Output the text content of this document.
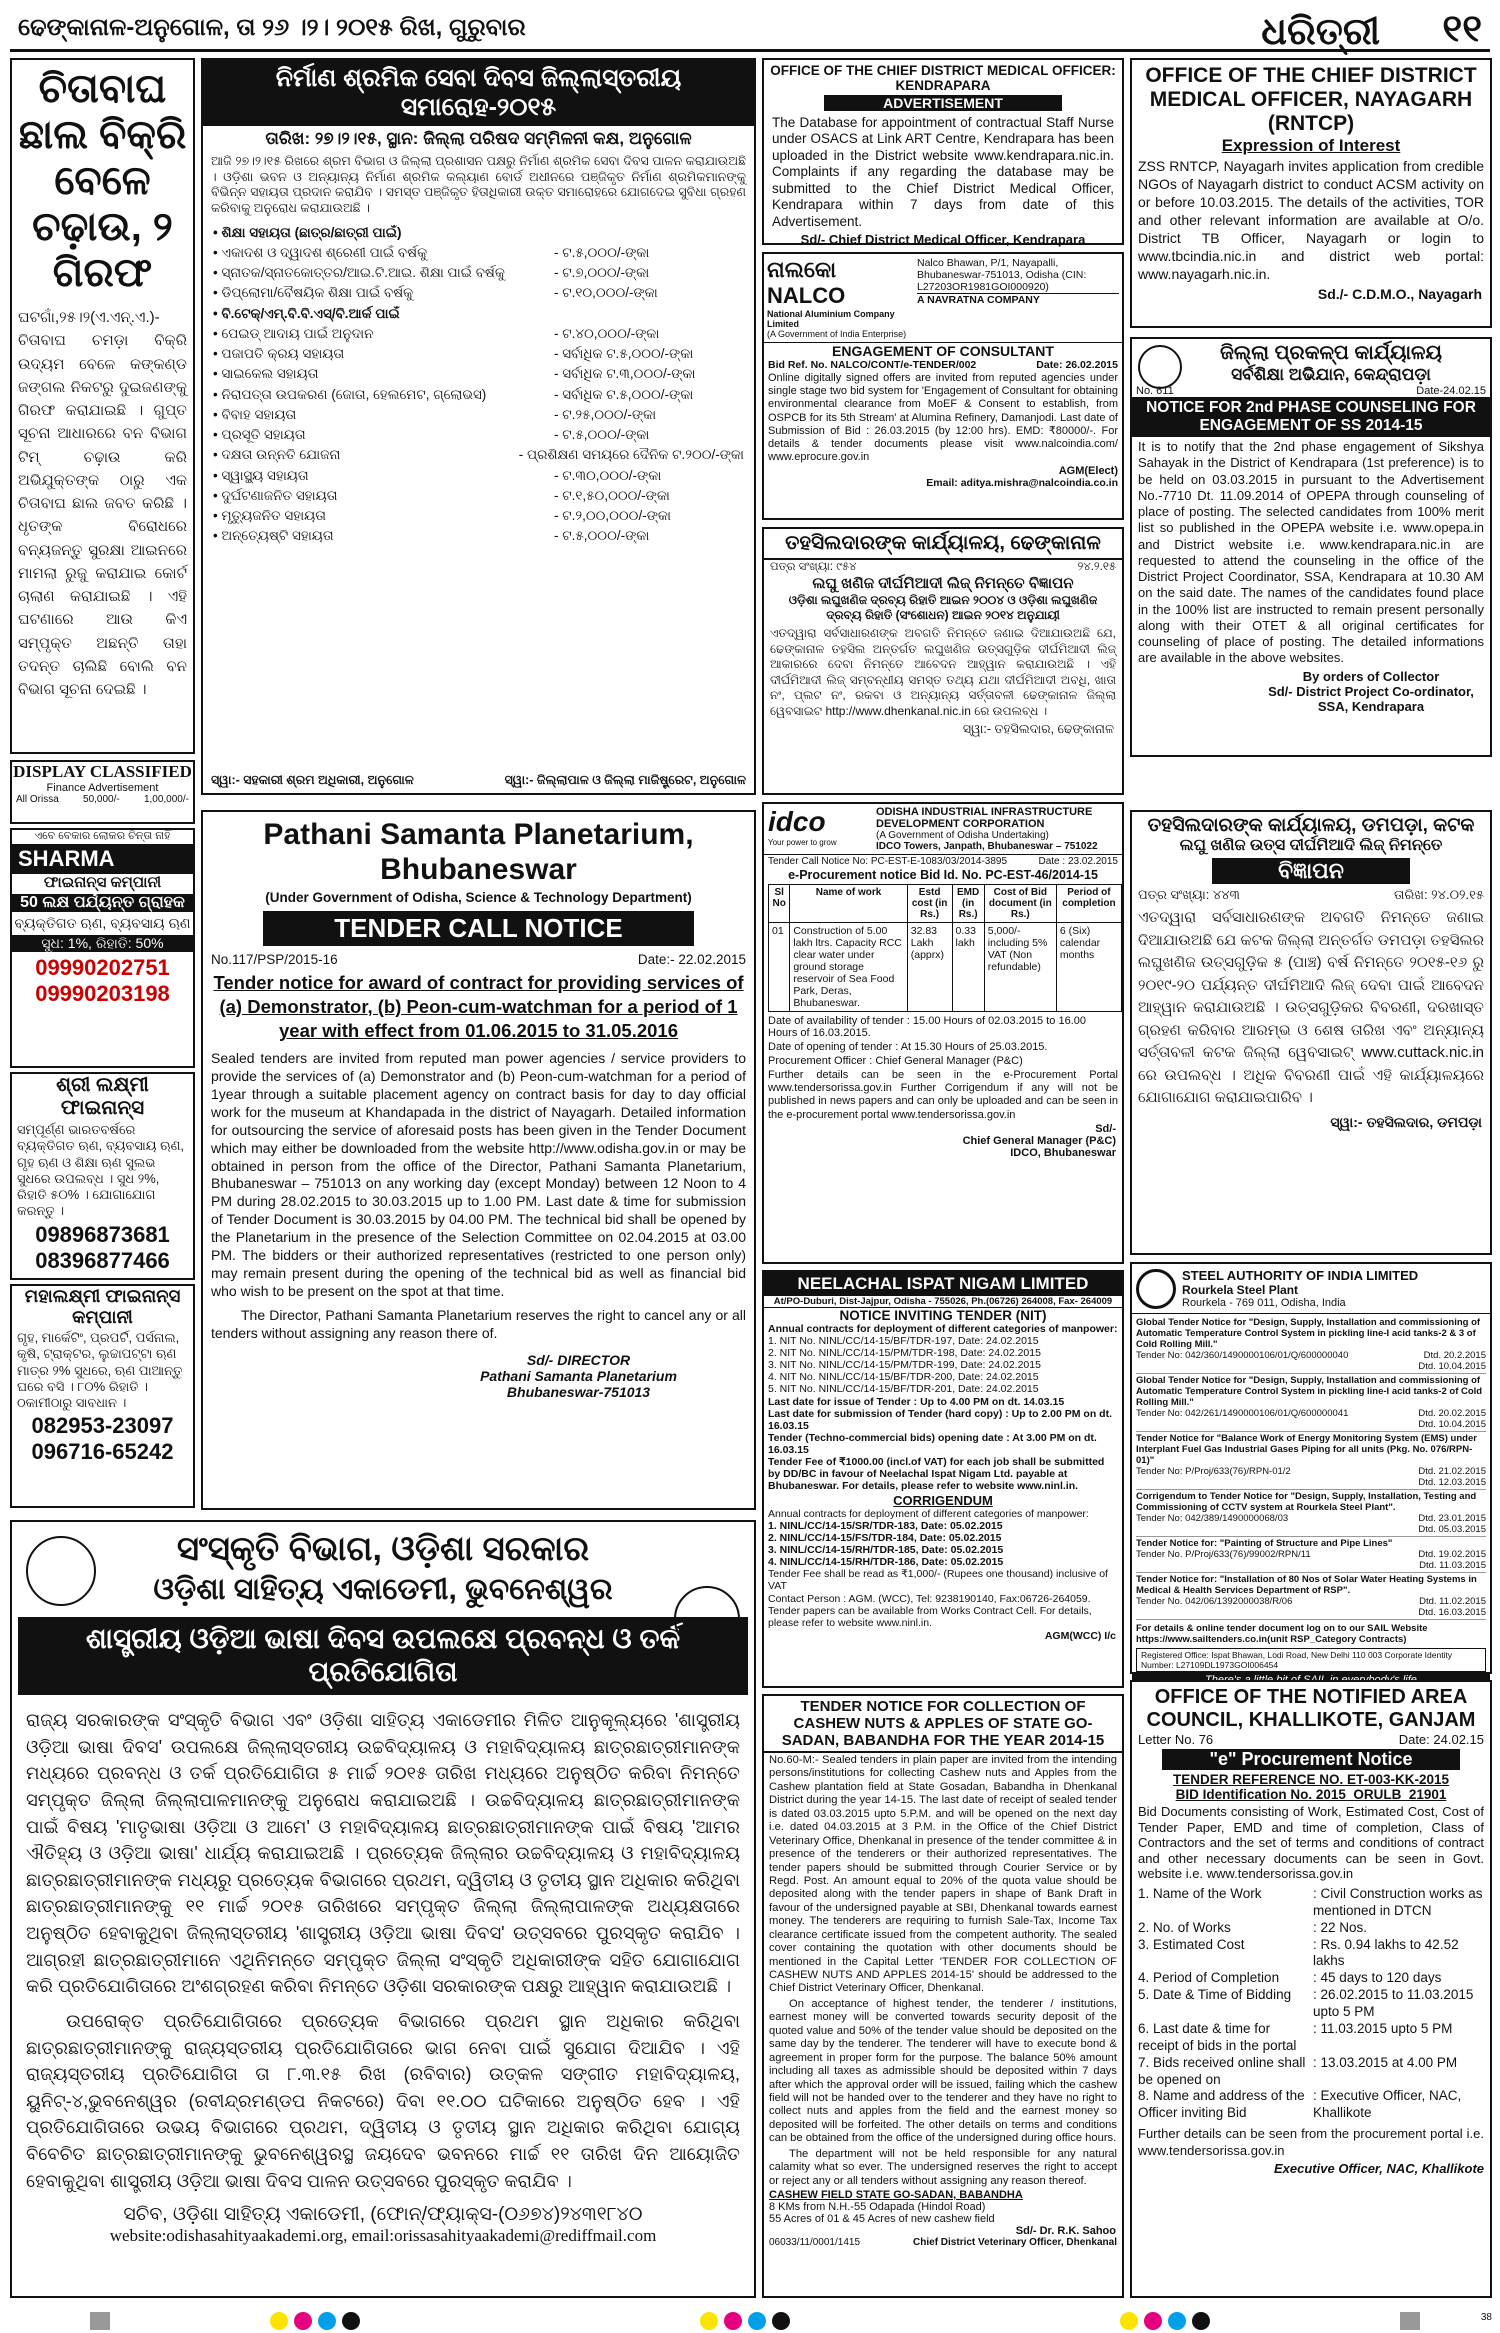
ଢେଙ୍କାନାଳ-ଅନୁଗୋଳ, ତା ୨୬ ।୨। ୨୦୧୫ ରିଖ, ଗୁରୁବାର	ଧରିତ୍ରୀ ୧୧
ଚିତାବାଘ ଛାଲ ବିକ୍ରି ବେଳେ ଚଢ଼ାଉ, ୨ ଗିରଫ
ଘଟଗାଁ,୨୫।୨(ଏ.ଏନ୍.ଏ.)- ଚିତାବାଘ ଚମଡ଼ା ବିକ୍ରି ଉଦ୍ୟମ ବେଳେ କଙ୍କଣ୍ଡ ଜଙ୍ଗଲ ନିକଟରୁ ଦୁଇଜଣଙ୍କୁ ଗିରଫ କରାଯାଇଛି । ଗୁପ୍ତ ସୂଚନା ଆଧାରରେ ବନ ବିଭାଗ ଟିମ୍ ଚଢ଼ାଉ କରି ଅଭିଯୁକ୍ତଙ୍କ ଠାରୁ ଏକ ଚିତାବାଘ ଛାଲ ଜବତ କରିଛି । ଧୃତଙ୍କ ବିରୋଧରେ ବନ୍ୟଜନ୍ତୁ ସୁରକ୍ଷା ଆଇନରେ ମାମଲା ରୁଜୁ କରାଯାଇ କୋର୍ଟ ଚାଲାଣ କରାଯାଇଛି । ଏହି ଘଟଣାରେ ଆଉ କିଏ ସମ୍ପୃକ୍ତ ଅଛନ୍ତି ତାହା ତଦନ୍ତ ଚାଲିଛି ବୋଲି ବନ ବିଭାଗ ସୂଚନା ଦେଇଛି ।
DISPLAY CLASSIFIED
Finance Advertisement
All Orissa 50,000/- 1,00,000/-
ଏବେ ବେକାର ଲୋକର ଚିନ୍ତା ନାହିଁ
SHARMA
ଫାଇନାନ୍ସ କମ୍ପାନୀ
50 ଲକ୍ଷ ପର୍ଯ୍ୟନ୍ତ ଗ୍ରାହକ
ବ୍ୟକ୍ତିଗତ ଋଣ, ବ୍ୟବସାୟ ଋଣ
ସୁଧ: 1%, ରିହାତି: 50%
09990202751
09990203198
ଶ୍ରୀ ଲକ୍ଷ୍ମୀ ଫାଇନାନ୍ସ
ସମ୍ପୂର୍ଣ୍ଣ ଭାରତବର୍ଷରେ ବ୍ୟକ୍ତିଗତ ଋଣ, ବ୍ୟବସାୟ ଋଣ, ଗୃହ ଋଣ ଓ ଶିକ୍ଷା ଋଣ ସୁଲଭ ସୁଧରେ ଉପଲବ୍ଧ । ସୁଧ ୨%, ରିହାତି ୫୦% । ଯୋଗାଯୋଗ କରନ୍ତୁ ।
09896873681
08396877466
ମହାଲକ୍ଷ୍ମୀ ଫାଇନାନ୍ସ କମ୍ପାନୀ
ଗୃହ, ମାର୍କେଟିଂ, ପ୍ରପର୍ଟି, ପର୍ସନାଲ, କୃଷି, ଟ୍ରାକ୍ଟର, ଲୁଚ୍ଚାପଟ୍ଟା ଋଣ ମାତ୍ର ୨% ସୁଧରେ, ଋଣ ପାଆନ୍ତୁ ଘରେ ବସି । ୮୦% ରିହାତି । ଠକାମୀଠାରୁ ସାବଧାନ ।
082953-23097
096716-65242
ନିର୍ମାଣ ଶ୍ରମିକ ସେବା ଦିବସ ଜିଲ୍ଲାସ୍ତରୀୟ ସମାରୋହ-୨୦୧୫
ତାରିଖ: ୨୭।୨।୧୫, ସ୍ଥାନ: ଜିଲ୍ଲା ପରିଷଦ ସମ୍ମିଳନୀ କକ୍ଷ, ଅନୁଗୋଳ
ଆଜି ୨୭।୨।୧୫ ରିଖରେ ଶ୍ରମ ବିଭାଗ ଓ ଜିଲ୍ଲା ପ୍ରଶାସନ ପକ୍ଷରୁ ନିର୍ମାଣ ଶ୍ରମିକ ସେବା ଦିବସ ପାଳନ କରାଯାଉଅଛି । ଓଡ଼ିଶା ଭବନ ଓ ଅନ୍ୟାନ୍ୟ ନିର୍ମାଣ ଶ୍ରମିକ କଲ୍ୟାଣ ବୋର୍ଡ ଅଧୀନରେ ପଞ୍ଜିକୃତ ନିର୍ମାଣ ଶ୍ରମିକମାନଙ୍କୁ ବିଭିନ୍ନ ସହାୟତା ପ୍ରଦାନ କରାଯିବ । ସମସ୍ତ ପଞ୍ଜିକୃତ ହିତାଧିକାରୀ ଉକ୍ତ ସମାରୋହରେ ଯୋଗଦେଇ ସୁବିଧା ଗ୍ରହଣ କରିବାକୁ ଅନୁରୋଧ କରାଯାଉଅଛି ।
• ଶିକ୍ଷା ସହାୟତା (ଛାତ୍ର/ଛାତ୍ରୀ ପାଇଁ)
• ଏକାଦଶ ଓ ଦ୍ୱାଦଶ ଶ୍ରେଣୀ ପାଇଁ ବର୍ଷକୁ	- ଟ.୫,୦୦୦/-ଙ୍କା
• ସ୍ନାତକ/ସ୍ନାତକୋତ୍ତର/ଆଇ.ଟି.ଆଇ. ଶିକ୍ଷା ପାଇଁ ବର୍ଷକୁ	- ଟ.୭,୦୦୦/-ଙ୍କା
• ଡିପ୍ଲୋମା/ବୈଷୟିକ ଶିକ୍ଷା ପାଇଁ ବର୍ଷକୁ	- ଟ.୧୦,୦୦୦/-ଙ୍କା
• ବି.ଟେକ୍/ଏମ୍.ବି.ବି.ଏସ୍/ବି.ଆର୍କ ପାଇଁ
• ପେଇଡ୍ ଆଦାୟ ପାଇଁ ଅନୁଦାନ	- ଟ.୪୦,୦୦୦/-ଙ୍କା
• ପଜାପତି କ୍ରୟ ସହାୟତା	- ସର୍ବାଧିକ ଟ.୫,୦୦୦/-ଙ୍କା
• ସାଇକେଲ ସହାୟତା	- ସର୍ବାଧିକ ଟ.୩,୦୦୦/-ଙ୍କା
• ନିରାପତ୍ତା ଉପକରଣ (ଜୋତା, ହେଲମେଟ, ଗ୍ଲୋଭସ)	- ସର୍ବାଧିକ ଟ.୫,୦୦୦/-ଙ୍କା
• ବିବାହ ସହାୟତା	- ଟ.୨୫,୦୦୦/-ଙ୍କା
• ପ୍ରସୂତି ସହାୟତା	- ଟ.୫,୦୦୦/-ଙ୍କା
• ଦକ୍ଷତା ଉନ୍ନତି ଯୋଜନା	- ପ୍ରଶିକ୍ଷଣ ସମୟରେ ଦୈନିକ ଟ.୨୦୦/-ଙ୍କା
• ସ୍ୱାସ୍ଥ୍ୟ ସହାୟତା	- ଟ.୩୦,୦୦୦/-ଙ୍କା
• ଦୁର୍ଘଟଣାଜନିତ ସହାୟତା	- ଟ.୧,୫୦,୦୦୦/-ଙ୍କା
• ମୃତ୍ୟୁଜନିତ ସହାୟତା	- ଟ.୨,୦୦,୦୦୦/-ଙ୍କା
• ଅନ୍ତ୍ୟେଷ୍ଟି ସହାୟତା	- ଟ.୫,୦୦୦/-ଙ୍କା
ସ୍ୱା:- ସହକାରୀ ଶ୍ରମ ଅଧିକାରୀ, ଅନୁଗୋଳ	ସ୍ୱା:- ଜିଲ୍ଲାପାଳ ଓ ଜିଲ୍ଲା ମାଜିଷ୍ଟ୍ରେଟ, ଅନୁଗୋଳ
Pathani Samanta Planetarium, Bhubaneswar
(Under Government of Odisha, Science & Technology Department)
TENDER CALL NOTICE
No.117/PSP/2015-16	Date:- 22.02.2015
Tender notice for award of contract for providing services of (a) Demonstrator, (b) Peon-cum-watchman for a period of 1 year with effect from 01.06.2015 to 31.05.2016
Sealed tenders are invited from reputed man power agencies / service providers to provide the services of (a) Demonstrator and (b) Peon-cum-watchman for a period of 1year through a suitable placement agency on contract basis for day to day official work for the museum at Khandapada in the district of Nayagarh. Detailed information for outsourcing the service of aforesaid posts has been given in the Tender Document which may either be downloaded from the website http://www.odisha.gov.in or may be obtained in person from the office of the Director, Pathani Samanta Planetarium, Bhubaneswar – 751013 on any working day (except Monday) between 12 Noon to 4 PM during 28.02.2015 to 30.03.2015 up to 1.00 PM. Last date & time for submission of Tender Document is 30.03.2015 by 04.00 PM. The technical bid shall be opened by the Planetarium in the presence of the Selection Committee on 02.04.2015 at 03.00 PM. The bidders or their authorized representatives (restricted to one person only) may remain present during the opening of the technical bid as well as financial bid who wish to be present on the spot at that time.
The Director, Pathani Samanta Planetarium reserves the right to cancel any or all tenders without assigning any reason there of.
Sd/- DIRECTOR
Pathani Samanta Planetarium
Bhubaneswar-751013
ସଂସ୍କୃତି ବିଭାଗ, ଓଡ଼ିଶା ସରକାର
ଓଡ଼ିଶା ସାହିତ୍ୟ ଏକାଡେମୀ, ଭୁବନେଶ୍ୱର
ଶାସ୍ତ୍ରୀୟ ଓଡ଼ିଆ ଭାଷା ଦିବସ ଉପଲକ୍ଷେ ପ୍ରବନ୍ଧ ଓ ତର୍କ ପ୍ରତିଯୋଗିତା
ରାଜ୍ୟ ସରକାରଙ୍କ ସଂସ୍କୃତି ବିଭାଗ ଏବଂ ଓଡ଼ିଶା ସାହିତ୍ୟ ଏକାଡେମୀର ମିଳିତ ଆନୁକୂଲ୍ୟରେ 'ଶାସ୍ତ୍ରୀୟ ଓଡ଼ିଆ ଭାଷା ଦିବସ' ଉପଲକ୍ଷେ ଜିଲ୍ଲାସ୍ତରୀୟ ଉଚ୍ଚବିଦ୍ୟାଳୟ ଓ ମହାବିଦ୍ୟାଳୟ ଛାତ୍ରଛାତ୍ରୀମାନଙ୍କ ମଧ୍ୟରେ ପ୍ରବନ୍ଧ ଓ ତର୍କ ପ୍ରତିଯୋଗିତା ୫ ମାର୍ଚ୍ଚ ୨୦୧୫ ତାରିଖ ମଧ୍ୟରେ ଅନୁଷ୍ଠିତ କରିବା ନିମନ୍ତେ ସମ୍ପୃକ୍ତ ଜିଲ୍ଲା ଜିଲ୍ଲାପାଳମାନଙ୍କୁ ଅନୁରୋଧ କରାଯାଇଅଛି । ଉଚ୍ଚବିଦ୍ୟାଳୟ ଛାତ୍ରଛାତ୍ରୀମାନଙ୍କ ପାଇଁ ବିଷୟ 'ମାତୃଭାଷା ଓଡ଼ିଆ ଓ ଆମେ' ଓ ମହାବିଦ୍ୟାଳୟ ଛାତ୍ରଛାତ୍ରୀମାନଙ୍କ ପାଇଁ ବିଷୟ 'ଆମର ଐତିହ୍ୟ ଓ ଓଡ଼ିଆ ଭାଷା' ଧାର୍ଯ୍ୟ କରାଯାଇଅଛି । ପ୍ରତ୍ୟେକ ଜିଲ୍ଲାର ଉଚ୍ଚବିଦ୍ୟାଳୟ ଓ ମହାବିଦ୍ୟାଳୟ ଛାତ୍ରଛାତ୍ରୀମାନଙ୍କ ମଧ୍ୟରୁ ପ୍ରତ୍ୟେକ ବିଭାଗରେ ପ୍ରଥମ, ଦ୍ୱିତୀୟ ଓ ତୃତୀୟ ସ୍ଥାନ ଅଧିକାର କରିଥିବା ଛାତ୍ରଛାତ୍ରୀମାନଙ୍କୁ ୧୧ ମାର୍ଚ୍ଚ ୨୦୧୫ ତାରିଖରେ ସମ୍ପୃକ୍ତ ଜିଲ୍ଲା ଜିଲ୍ଲାପାଳଙ୍କ ଅଧ୍ୟକ୍ଷତାରେ ଅନୁଷ୍ଠିତ ହେବାକୁଥିବା ଜିଲ୍ଲାସ୍ତରୀୟ 'ଶାସ୍ତ୍ରୀୟ ଓଡ଼ିଆ ଭାଷା ଦିବସ' ଉତ୍ସବରେ ପୁରସ୍କୃତ କରାଯିବ । ଆଗ୍ରହୀ ଛାତ୍ରଛାତ୍ରୀମାନେ ଏଥିନିମନ୍ତେ ସମ୍ପୃକ୍ତ ଜିଲ୍ଲା ସଂସ୍କୃତି ଅଧିକାରୀଙ୍କ ସହିତ ଯୋଗାଯୋଗ କରି ପ୍ରତିଯୋଗିତାରେ ଅଂଶଗ୍ରହଣ କରିବା ନିମନ୍ତେ ଓଡ଼ିଶା ସରକାରଙ୍କ ପକ୍ଷରୁ ଆହ୍ୱାନ କରାଯାଉଅଛି ।
ଉପରୋକ୍ତ ପ୍ରତିଯୋଗିତାରେ ପ୍ରତ୍ୟେକ ବିଭାଗରେ ପ୍ରଥମ ସ୍ଥାନ ଅଧିକାର କରିଥିବା ଛାତ୍ରଛାତ୍ରୀମାନଙ୍କୁ ରାଜ୍ୟସ୍ତରୀୟ ପ୍ରତିଯୋଗିତାରେ ଭାଗ ନେବା ପାଇଁ ସୁଯୋଗ ଦିଆଯିବ । ଏହି ରାଜ୍ୟସ୍ତରୀୟ ପ୍ରତିଯୋଗିତା ତା ୮.୩.୧୫ ରିଖ (ରବିବାର) ଉତ୍କଳ ସଙ୍ଗୀତ ମହାବିଦ୍ୟାଳୟ, ୟୁନିଟ୍-୪,ଭୁବନେଶ୍ୱର (ରବୀନ୍ଦ୍ରମଣ୍ଡପ ନିକଟରେ) ଦିବା ୧୧.୦୦ ଘଟିକାରେ ଅନୁଷ୍ଠିତ ହେବ । ଏହି ପ୍ରତିଯୋଗିତାରେ ଉଭୟ ବିଭାଗରେ ପ୍ରଥମ, ଦ୍ୱିତୀୟ ଓ ତୃତୀୟ ସ୍ଥାନ ଅଧିକାର କରିଥିବା ଯୋଗ୍ୟ ବିବେଚିତ ଛାତ୍ରଛାତ୍ରୀମାନଙ୍କୁ ଭୁବନେଶ୍ୱରସ୍ଥ ଜୟଦେବ ଭବନରେ ମାର୍ଚ୍ଚ ୧୧ ତାରିଖ ଦିନ ଆୟୋଜିତ ହେବାକୁଥିବା ଶାସ୍ତ୍ରୀୟ ଓଡ଼ିଆ ଭାଷା ଦିବସ ପାଳନ ଉତ୍ସବରେ ପୁରସ୍କୃତ କରାଯିବ ।
ସଚିବ, ଓଡ଼ିଶା ସାହିତ୍ୟ ଏକାଡେମୀ, (ଫୋନ୍/ଫ୍ୟାକ୍ସ-(୦୬୭୪)୨୪୩୧୮୪୦
website:odishasahityaakademi.org, email:orissasahityaakademi@rediffmail.com
OFFICE OF THE CHIEF DISTRICT MEDICAL OFFICER: KENDRAPARA
ADVERTISEMENT
The Database for appointment of contractual Staff Nurse under OSACS at Link ART Centre, Kendrapara has been uploaded in the District website www.kendrapara.nic.in. Complaints if any regarding the database may be submitted to the Chief District Medical Officer, Kendrapara within 7 days from date of this Advertisement.
Sd/- Chief District Medical Officer, Kendrapara
ନାଲକୋ NALCO
National Aluminium Company Limited
(A Government of India Enterprise)
Nalco Bhawan, P/1, Nayapalli, Bhubaneswar-751013, Odisha (CIN: L27203OR1981GOI000920)
A NAVRATNA COMPANY
ENGAGEMENT OF CONSULTANT
Bid Ref. No. NALCO/CONT/e-TENDER/002	Date: 26.02.2015
Online digitally signed offers are invited from reputed agencies under single stage two bid system for 'Engagement of Consultant for obtaining environmental clearance from MoEF & Consent to establish, from OSPCB for its 5th Stream' at Alumina Refinery, Damanjodi. Last date of Submission of Bid : 26.03.2015 (by 12:00 hrs). EMD: ₹80000/-. For details & tender documents please visit www.nalcoindia.com/ www.eprocure.gov.in
AGM(Elect)
Email: aditya.mishra@nalcoindia.co.in
ତହସିଲଦାରଙ୍କ କାର୍ଯ୍ୟାଳୟ, ଢେଙ୍କାନାଳ
ପତ୍ର ସଂଖ୍ୟା: ୯୫୪	୨୪.୨.୧୫
ଲଘୁ ଖଣିଜ ଦୀର୍ଘମିଆଦୀ ଲିଜ୍ ନିମନ୍ତେ ବିଜ୍ଞାପନ
ଓଡ଼ିଶା ଲଘୁଖଣିଜ ଦ୍ରବ୍ୟ ରିହାତି ଆଇନ ୨୦୦୪ ଓ ଓଡ଼ିଶା ଲଘୁଖଣିଜ ଦ୍ରବ୍ୟ ରିହାତି (ସଂଶୋଧନ) ଆଇନ ୨୦୧୪ ଅନୁଯାୟୀ
ଏତଦ୍ୱାରା ସର୍ବସାଧାରଣଙ୍କ ଅବଗତି ନିମନ୍ତେ ଜଣାଇ ଦିଆଯାଉଅଛି ଯେ, ଢେଙ୍କାନାଳ ତହସିଲ ଅନ୍ତର୍ଗତ ଲଘୁଖଣିଜ ଉତ୍ସଗୁଡ଼ିକ ଦୀର୍ଘମିଆଦୀ ଲିଜ୍ ଆକାରରେ ଦେବା ନିମନ୍ତେ ଆବେଦନ ଆହ୍ୱାନ କରାଯାଉଅଛି । ଏହି ଦୀର୍ଘମିଆଦୀ ଲିଜ୍ ସମ୍ବନ୍ଧୀୟ ସମସ୍ତ ତଥ୍ୟ ଯଥା ଦୀର୍ଘମିଆଦୀ ଅବଧି, ଖାତା ନଂ, ପ୍ଲଟ ନଂ, ରକବା ଓ ଅନ୍ୟାନ୍ୟ ସର୍ତ୍ତାବଳୀ ଢେଙ୍କାନାଳ ଜିଲ୍ଲା ୱେବସାଇଟ http://www.dhenkanal.nic.in ରେ ଉପଲବ୍ଧ ।
ସ୍ୱା:- ତହସିଲଦାର, ଢେଙ୍କାନାଳ
idco
Your power to grow
ODISHA INDUSTRIAL INFRASTRUCTURE DEVELOPMENT CORPORATION
(A Government of Odisha Undertaking)
IDCO Towers, Janpath, Bhubaneswar – 751022
Tender Call Notice No: PC-EST-E-1083/03/2014-3895	Date : 23.02.2015
e-Procurement notice Bid Id. No. PC-EST-46/2014-15
Sl No	Name of work	Estd cost (in Rs.)	EMD (in Rs.)	Cost of Bid document (in Rs.)	Period of completion
01	Construction of 5.00 lakh ltrs. Capacity RCC clear water under ground storage reservoir of Sea Food Park, Deras, Bhubaneswar.	32.83 Lakh (apprx)	0.33 lakh	5,000/- including 5% VAT (Non refundable)	6 (Six) calendar months
Date of availability of tender : 15.00 Hours of 02.03.2015 to 16.00 Hours of 16.03.2015.
Date of opening of tender : At 15.30 Hours of 25.03.2015.
Procurement Officer : Chief General Manager (P&C)
Further details can be seen in the e-Procurement Portal www.tendersorissa.gov.in Further Corrigendum if any will not be published in news papers and can only be uploaded and can be seen in the e-procurement portal www.tendersorissa.gov.in
Sd/-
Chief General Manager (P&C)
IDCO, Bhubaneswar
NEELACHAL ISPAT NIGAM LIMITED
At/PO-Duburi, Dist-Jajpur, Odisha - 755026, Ph.(06726) 264008, Fax- 264009
NOTICE INVITING TENDER (NIT)
Annual contracts for deployment of different categories of manpower:
1. NIT No. NINL/CC/14-15/BF/TDR-197, Date: 24.02.2015
2. NIT No. NINL/CC/14-15/PM/TDR-198, Date: 24.02.2015
3. NIT No. NINL/CC/14-15/PM/TDR-199, Date: 24.02.2015
4. NIT No. NINL/CC/14-15/BF/TDR-200, Date: 24.02.2015
5. NIT No. NINL/CC/14-15/BF/TDR-201, Date: 24.02.2015
Last date for issue of Tender : Up to 4.00 PM on dt. 14.03.15
Last date for submission of Tender (hard copy) : Up to 2.00 PM on dt. 16.03.15
Tender (Techno-commercial bids) opening date : At 3.00 PM on dt. 16.03.15
Tender Fee of ₹1000.00 (incl.of VAT) for each job shall be submitted by DD/BC in favour of Neelachal Ispat Nigam Ltd. payable at Bhubaneswar. For details, please refer to website www.ninl.in.
CORRIGENDUM
Annual contracts for deployment of different categories of manpower:
1. NINL/CC/14-15/SR/TDR-183, Date: 05.02.2015
2. NINL/CC/14-15/FS/TDR-184, Date: 05.02.2015
3. NINL/CC/14-15/RH/TDR-185, Date: 05.02.2015
4. NINL/CC/14-15/RH/TDR-186, Date: 05.02.2015
Tender Fee shall be read as ₹1,000/- (Rupees one thousand) inclusive of VAT
Contact Person : AGM. (WCC), Tel: 9238190140, Fax:06726-264059. Tender papers can be available from Works Contract Cell. For details, please refer to website www.ninl.in.
AGM(WCC) I/c
TENDER NOTICE FOR COLLECTION OF CASHEW NUTS & APPLES OF STATE GO-SADAN, BABANDHA FOR THE YEAR 2014-15
No.60-M:- Sealed tenders in plain paper are invited from the intending persons/institutions for collecting Cashew nuts and Apples from the Cashew plantation field at State Gosadan, Babandha in Dhenkanal District during the year 14-15. The last date of receipt of sealed tender is dated 03.03.2015 upto 5.P.M. and will be opened on the next day i.e. dated 04.03.2015 at 3 P.M. in the Office of the Chief District Veterinary Office, Dhenkanal in presence of the tender committee & in presence of the tenderers or their authorized representatives. The tender papers should be submitted through Courier Service or by Regd. Post. An amount equal to 20% of the quota value should be deposited along with the tender papers in shape of Bank Draft in favour of the undersigned payable at SBI, Dhenkanal towards earnest money. The tenderers are requiring to furnish Sale-Tax, Income Tax clearance certificate issued from the competent authority. The sealed cover containing the quotation with other documents should be mentioned in the Capital Letter 'TENDER FOR COLLECTION OF CASHEW NUTS AND APPLES 2014-15' should be addressed to the Chief District Veterinary Officer, Dhenkanal.
On acceptance of highest tender, the tenderer / institutions, earnest money will be converted towards security deposit of the quoted value and 50% of the tender value should be deposited on the same day by the tenderer. The tenderer will have to execute bond & agreement in proper form for the purpose. The balance 50% amount including all taxes as admissible should be deposited within 7 days after which the approval order will be issued, failing which the cashew field will not be handed over to the tenderer and they have no right to collect nuts and apples from the field and the earnest money so deposited will be forfeited. The other details on terms and conditions can be obtained from the office of the undersigned during office hours.
The department will not be held responsible for any natural calamity what so ever. The undersigned reserves the right to accept or reject any or all tenders without assigning any reason thereof.
CASHEW FIELD STATE GO-SADAN, BABANDHA
8 KMs from N.H.-55 Odapada (Hindol Road)
55 Acres of 01 & 45 Acres of new cashew field
Sd/- Dr. R.K. Sahoo
06033/11/0001/1415	Chief District Veterinary Officer, Dhenkanal
OFFICE OF THE CHIEF DISTRICT MEDICAL OFFICER, NAYAGARH (RNTCP)
Expression of Interest
ZSS RNTCP, Nayagarh invites application from credible NGOs of Nayagarh district to conduct ACSM activity on or before 10.03.2015. The details of the activities, TOR and other relevant information are available at O/o. District TB Officer, Nayagarh or login to www.tbcindia.nic.in and district web portal: www.nayagarh.nic.in.
Sd./- C.D.M.O., Nayagarh
ଜିଲ୍ଲା ପ୍ରକଳ୍ପ କାର୍ଯ୍ୟାଳୟ
ସର୍ବଶିକ୍ଷା ଅଭିଯାନ, କେନ୍ଦ୍ରାପଡ଼ା
No. 611	Date-24.02.15
NOTICE FOR 2nd PHASE COUNSELING FOR ENGAGEMENT OF SS 2014-15
It is to notify that the 2nd phase engagement of Sikshya Sahayak in the District of Kendrapara (1st preference) is to be held on 03.03.2015 in pursuant to the Advertisement No.-7710 Dt. 11.09.2014 of OPEPA through counseling of place of posting. The selected candidates from 100% merit list so published in the OPEPA website i.e. www.opepa.in and District website i.e. www.kendrapara.nic.in are requested to attend the counseling in the office of the District Project Coordinator, SSA, Kendrapara at 10.30 AM on the said date. The names of the candidates found place in the 100% list are instructed to remain present personally along with their OTET & all original certificates for counseling of place of posting. The detailed informations are available in the above websites.
By orders of Collector
Sd/- District Project Co-ordinator,
SSA, Kendrapara
ତହସିଲଦାରଙ୍କ କାର୍ଯ୍ୟାଳୟ, ଡମପଡ଼ା, କଟକ
ଲଘୁ ଖଣିଜ ଉତ୍ସ ଦୀର୍ଘମିଆଦି ଲିଜ୍ ନିମନ୍ତେ
ବିଜ୍ଞାପନ
ପତ୍ର ସଂଖ୍ୟା: ୪୪୩	ତାରିଖ: ୨୪.୦୨.୧୫
ଏତଦ୍ୱାରା ସର୍ବସାଧାରଣଙ୍କ ଅବଗତି ନିମନ୍ତେ ଜଣାଇ ଦିଆଯାଉଅଛି ଯେ କଟକ ଜିଲ୍ଲା ଅନ୍ତର୍ଗତ ଡମପଡ଼ା ତହସିଲର ଲଘୁଖଣିଜ ଉତ୍ସଗୁଡ଼ିକ ୫ (ପାଞ୍ଚ) ବର୍ଷ ନିମନ୍ତେ ୨୦୧୫-୧୬ ରୁ ୨୦୧୯-୨୦ ପର୍ଯ୍ୟନ୍ତ ଦୀର୍ଘମିଆଦି ଲିଜ୍ ଦେବା ପାଇଁ ଆବେଦନ ଆହ୍ୱାନ କରାଯାଉଅଛି । ଉତ୍ସଗୁଡ଼ିକର ବିବରଣୀ, ଦରଖାସ୍ତ ଗ୍ରହଣ କରିବାର ଆରମ୍ଭ ଓ ଶେଷ ତାରିଖ ଏବଂ ଅନ୍ୟାନ୍ୟ ସର୍ତ୍ତାବଳୀ କଟକ ଜିଲ୍ଲା ୱେବସାଇଟ୍ www.cuttack.nic.in ରେ ଉପଲବ୍ଧ । ଅଧିକ ବିବରଣୀ ପାଇଁ ଏହି କାର୍ଯ୍ୟାଳୟରେ ଯୋଗାଯୋଗ କରାଯାଇପାରିବ ।
ସ୍ୱା:- ତହସିଲଦାର, ଡମପଡ଼ା
STEEL AUTHORITY OF INDIA LIMITED
Rourkela Steel Plant
Rourkela - 769 011, Odisha, India
Global Tender Notice for "Design, Supply, Installation and commissioning of Automatic Temperature Control System in pickling line-I acid tanks-2 & 3 of Cold Rolling Mill."
Tender No: 042/360/1490000106/01/Q/600000040	Dtd. 20.2.2015
Dtd. 10.04.2015
Global Tender Notice for "Design, Supply, Installation and commissioning of Automatic Temperature Control System in pickling line-I acid tanks-2 of Cold Rolling Mill."
Tender No: 042/261/1490000106/01/Q/600000041	Dtd. 20.02.2015
Dtd. 10.04.2015
Tender Notice for "Balance Work of Energy Monitoring System (EMS) under Interplant Fuel Gas Industrial Gases Piping for all units (Pkg. No. 076/RPN-01)"
Tender No: P/Proj/633(76)/RPN-01/2	Dtd. 21.02.2015
Dtd. 12.03.2015
Corrigendum to Tender Notice for "Design, Supply, Installation, Testing and Commissioning of CCTV system at Rourkela Steel Plant".
Tender No: 042/389/1490000068/03	Dtd. 23.01.2015
Dtd. 05.03.2015
Tender Notice for: "Painting of Structure and Pipe Lines"
Tender No. P/Proj/633(76)/99002/RPN/11	Dtd. 19.02.2015
Dtd. 11.03.2015
Tender Notice for: "Installation of 80 Nos of Solar Water Heating Systems in Medical & Health Services Department of RSP".
Tender No. 042/06/1392000038/R/06	Dtd. 11.02.2015
Dtd. 16.03.2015
For details & online tender document log on to our SAIL Website https://www.sailtenders.co.in(unit RSP_Category Contracts)
Registered Office: Ispat Bhawan, Lodi Road, New Delhi 110 003 Corporate Identity Number: L27109DL1973GOI006454
OFFICE OF THE NOTIFIED AREA COUNCIL, KHALLIKOTE, GANJAM
Letter No. 76	Date: 24.02.15
"e" Procurement Notice
TENDER REFERENCE NO. ET-003-KK-2015
BID Identification No. 2015_ORULB_21901
Bid Documents consisting of Work, Estimated Cost, Cost of Tender Paper, EMD and time of completion, Class of Contractors and the set of terms and conditions of contract and other necessary documents can be seen in Govt. website i.e. www.tendersorissa.gov.in
1. Name of the Work	: Civil Construction works as mentioned in DTCN
2. No. of Works	: 22 Nos.
3. Estimated Cost	: Rs. 0.94 lakhs to 42.52 lakhs
4. Period of Completion	: 45 days to 120 days
5. Date & Time of Bidding	: 26.02.2015 to 11.03.2015 upto 5 PM
6. Last date & time for receipt of bids in the portal
: 11.03.2015 upto 5 PM
7. Bids received online shall be opened on
: 13.03.2015 at 4.00 PM
8. Name and address of the Officer inviting Bid
: Executive Officer, NAC, Khallikote
Further details can be seen from the procurement portal i.e. www.tendersorissa.gov.in
Executive Officer, NAC, Khallikote
38
